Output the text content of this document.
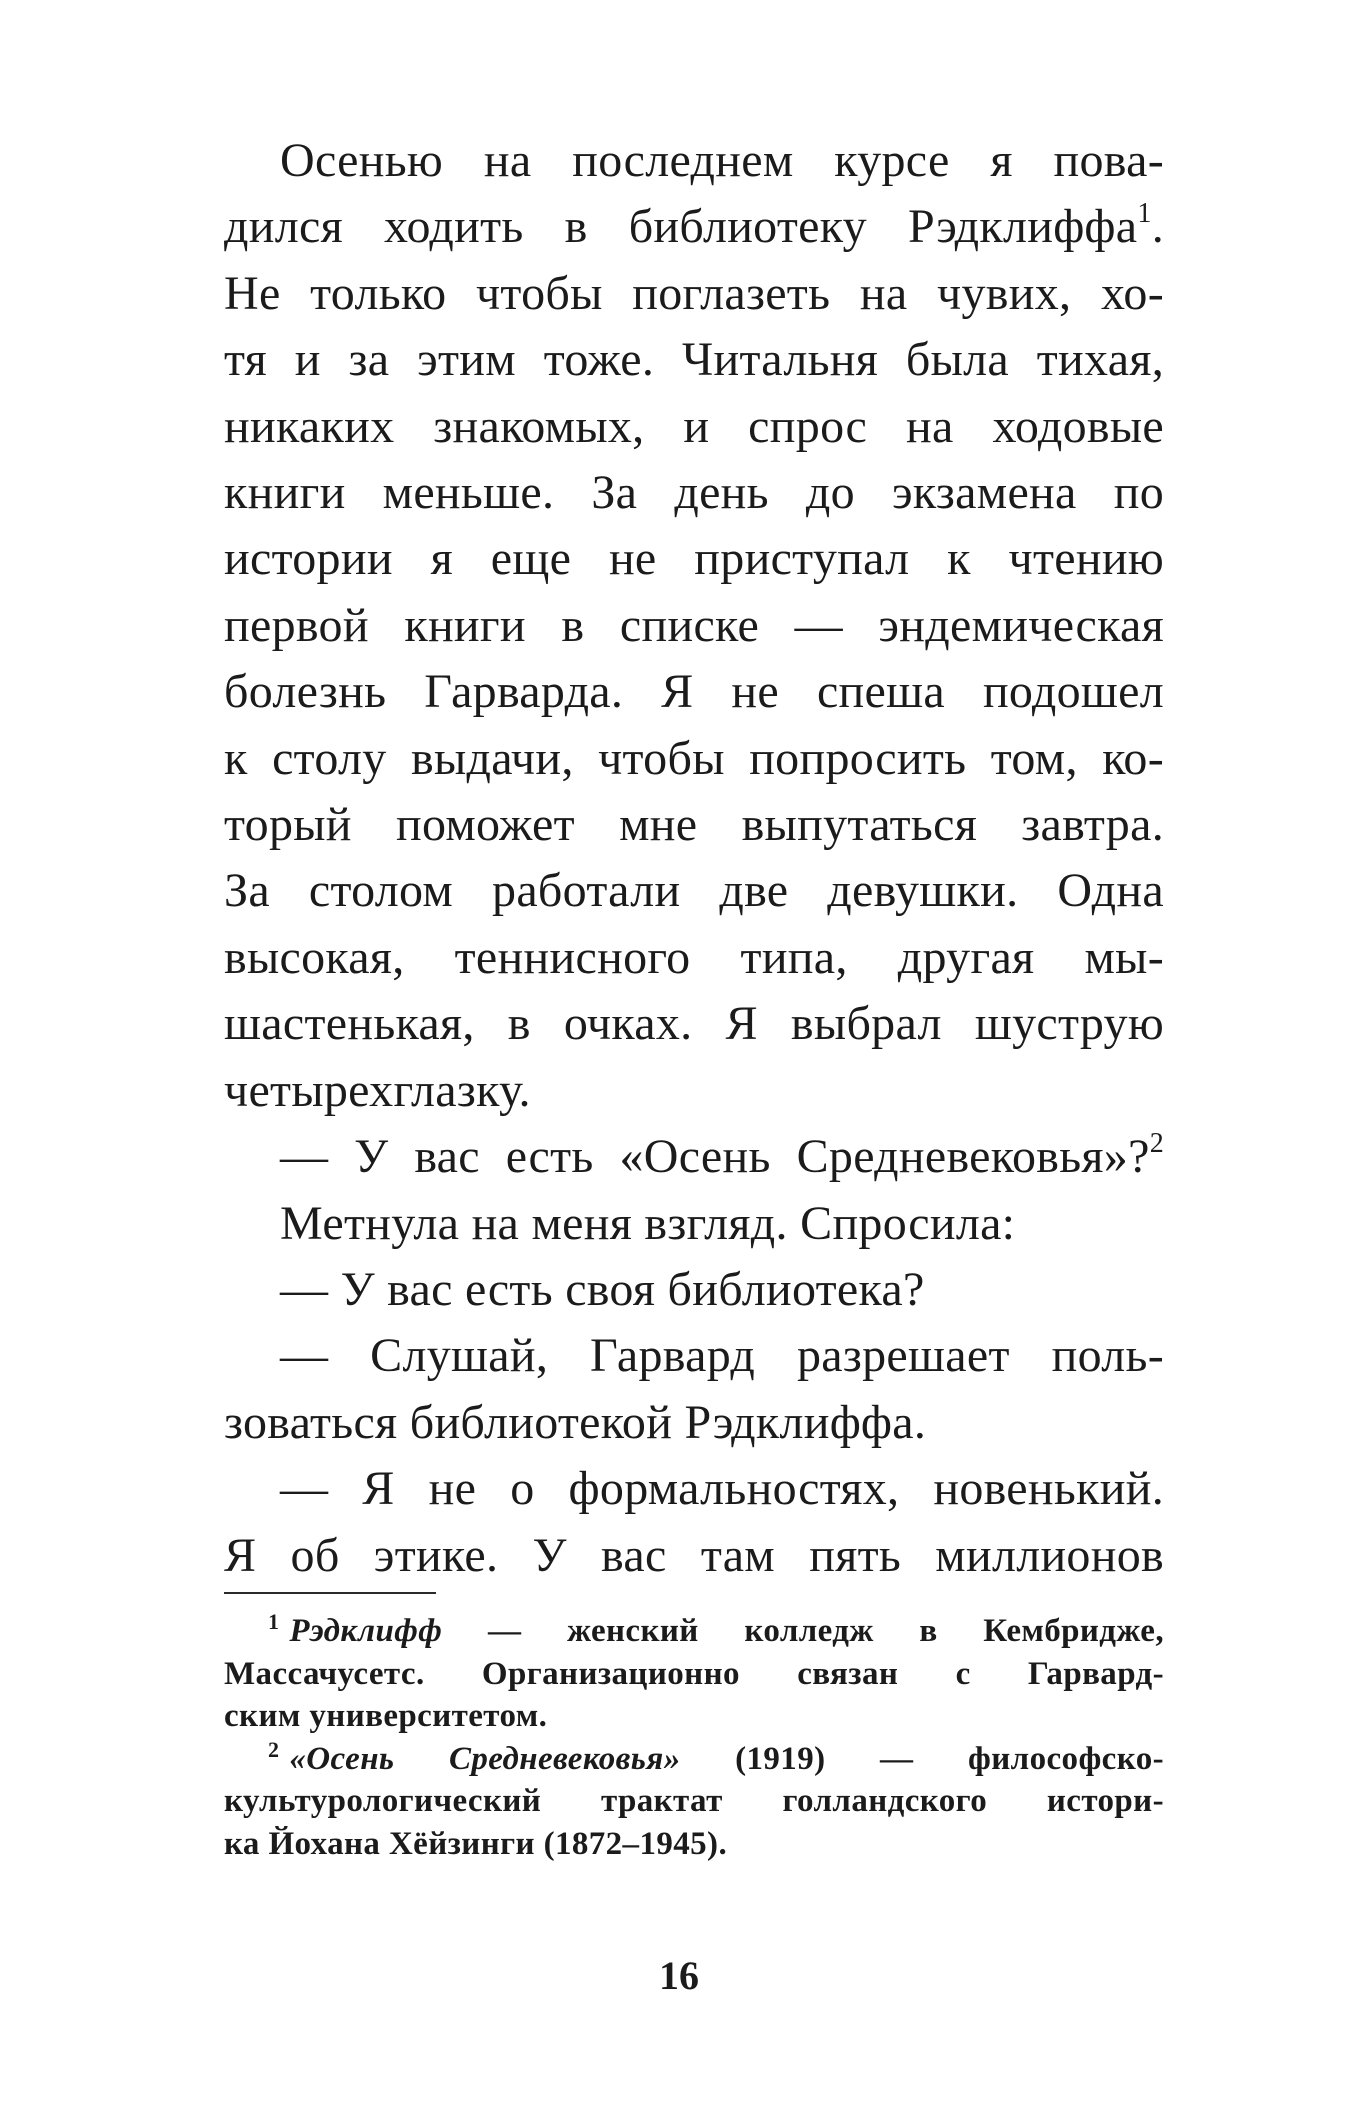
Осенью на последнем курсе я пова-
дился ходить в библиотеку Рэдклиффа$^1$.
Не только чтобы поглазеть на чувих, хо-
тя и за этим тоже. Читальня была тихая,
никаких знакомых, и спрос на ходовые
книги меньше. За день до экзамена по
истории я еще не приступал к чтению
первой книги в списке — эндемическая
болезнь Гарварда. Я не спеша подошел
к столу выдачи, чтобы попросить том, ко-
торый поможет мне выпутаться завтра.
За столом работали две девушки. Одна
высокая, теннисного типа, другая мы-
шастенькая, в очках. Я выбрал шуструю
четырехглазку.
— У вас есть «Осень Средневековья»?$^2$
Метнула на меня взгляд. Спросила:
— У вас есть своя библиотека?
— Слушай, Гарвард разрешает поль-
зоваться библиотекой Рэдклиффа.
— Я не о формальностях, новенький.
Я об этике. У вас там пять миллионов
$^1$ Рэдклифф — женский колледж в Кембридже,
Массачусетс. Организационно связан с Гарвард-
ским университетом.
$^2$ «Осень Средневековья» (1919) — философско-
культурологический трактат голландского истори-
ка Йохана Хёйзинги (1872–1945).
16
